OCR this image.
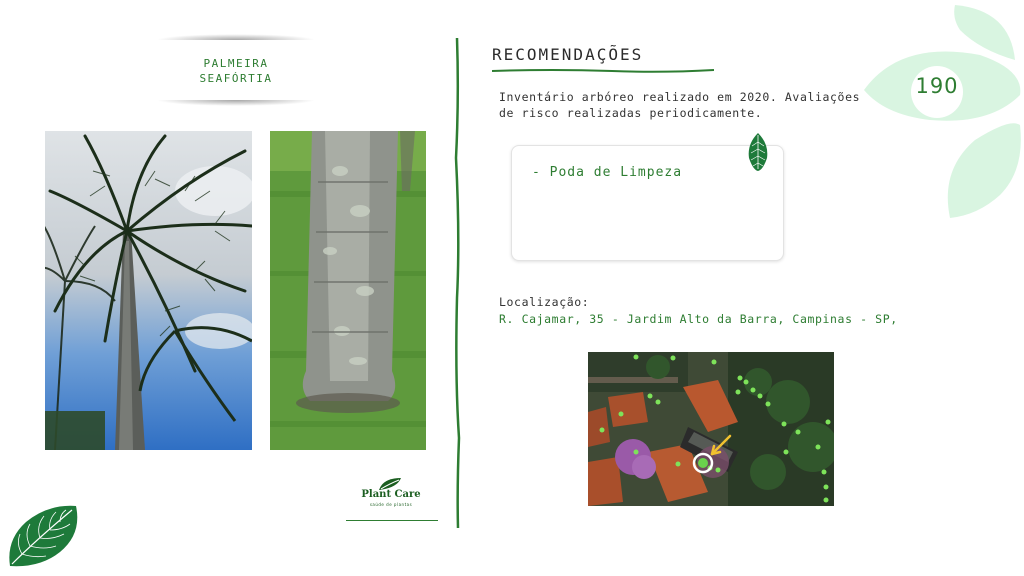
PALMEIRA
SEAFÓRTIA
Plant Care
saúde de plantas
RECOMENDAÇÕES
Inventário arbóreo realizado em 2020. Avaliações
de risco realizadas periodicamente.
- Poda de Limpeza
Localização:
R. Cajamar, 35 - Jardim Alto da Barra, Campinas - SP,
190
